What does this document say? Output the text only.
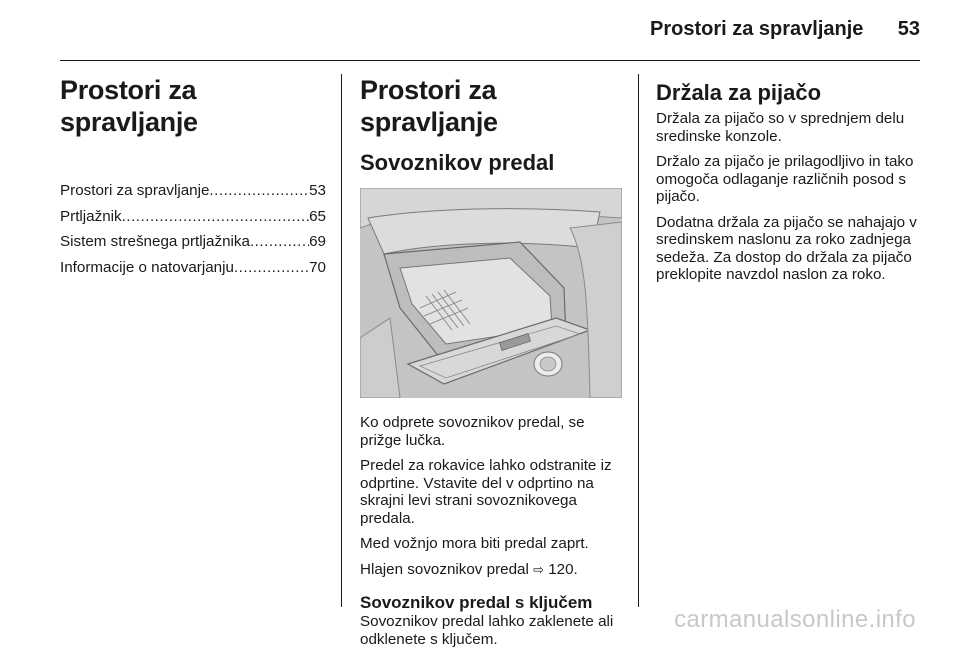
Prostori za spravljanje 53
Prostori za spravljanje
Prostori za spravljanje .....	53
Prtljažnik .....	65
Sistem strešnega prtljažnika .....	69
Informacije o natovarjanju .....	70
Prostori za spravljanje
Sovoznikov predal

Ko odprete sovoznikov predal, se prižge lučka.

Predel za rokavice lahko odstranite iz odprtine. Vstavite del v odprtino na skrajni levi strani sovoznikovega predala.

Med vožnjo mora biti predal zaprt.

Hlajen sovoznikov predal ⇨ 120.

Sovoznikov predal s ključem

Sovoznikov predal lahko zaklenete ali odklenete s ključem.

Držala za pijačo

Držala za pijačo so v sprednjem delu sredinske konzole.

Držalo za pijačo je prilagodljivo in tako omogoča odlaganje različnih posod s pijačo.

Dodatna držala za pijačo se nahajajo v sredinskem naslonu za roko zadnjega sedeža. Za dostop do držala za pijačo preklopite navzdol naslon za roko.

carmanualsonline.info
